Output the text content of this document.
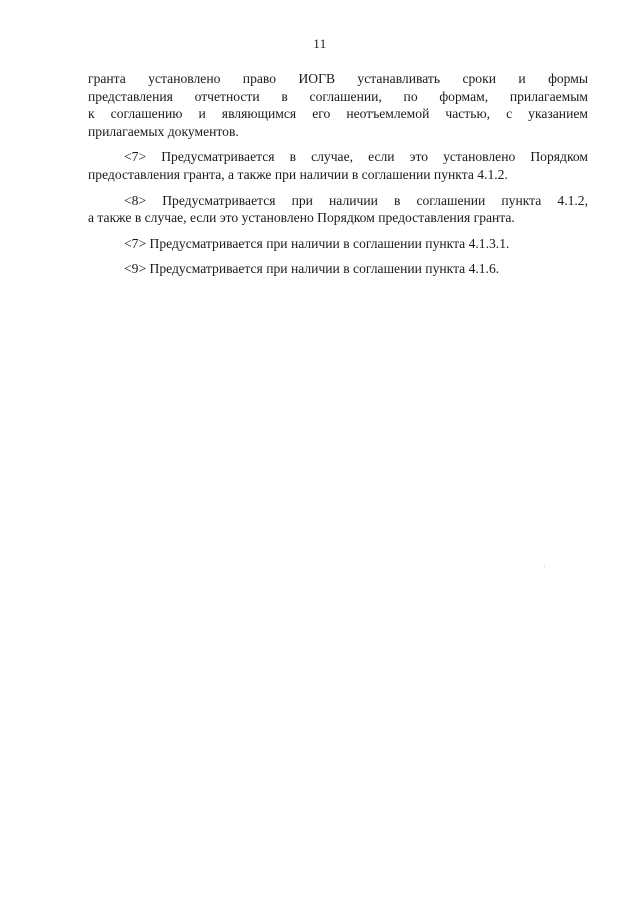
11

гранта установлено право ИОГВ устанавливать сроки и формы
представления отчетности в соглашении, по формам, прилагаемым
к соглашению и являющимся его неотъемлемой частью, с указанием
прилагаемых документов.

<7> Предусматривается в случае, если это установлено Порядком
предоставления гранта, а также при наличии в соглашении пункта 4.1.2.

<8> Предусматривается при наличии в соглашении пункта 4.1.2,
а также в случае, если это установлено Порядком предоставления гранта.

<7> Предусматривается при наличии в соглашении пункта 4.1.3.1.

<9> Предусматривается при наличии в соглашении пункта 4.1.6.
